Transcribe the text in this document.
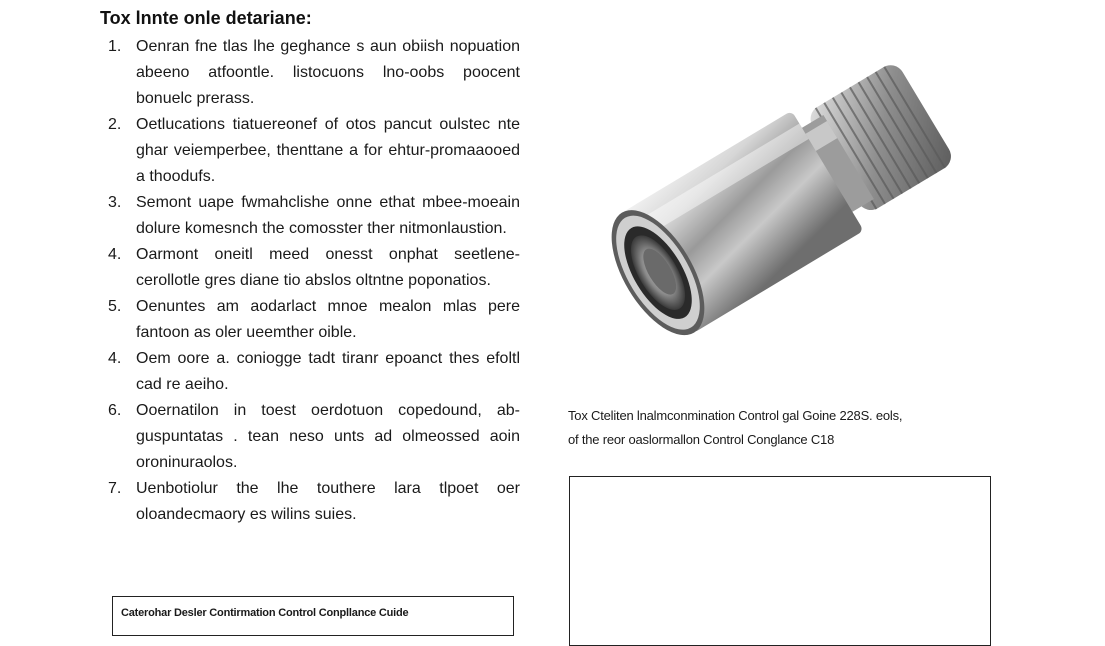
Tox lnnte onle detariane:
1. Oenran fne tlas lhe geghance s aun obiish nopuation abeeno atfoontle. listocuons lno-oobs poocent bonuelc prerass.
2. Oetlucations tiatuereonef of otos pancut oulstec nte ghar veiemperbee, thenttane a for ehtur-promaaooed a thoodufs.
3. Semont uape fwmahclishe onne ethat mbee-moeain dolure komesnch the comosster ther nitmonlaustion.
4. Oarmont oneitl meed onesst onphat seetlene-cerollotle gres diane tio abslos oltntne poponatios.
5. Oenuntes am aodarlact mnoe mealon mlas pere fantoon as oler ueemther oible.
4. Oem oore a. coniogge tadt tiranr epoanct thes efoltl cad re aeiho.
6. Ooernatilon in toest oerdotuon copedound, ab-guspuntatas . tean neso unts ad olmeossed aoin oroninuraolos.
7. Uenbotiolur the lhe touthere lara tlpoet oer oloandecmaory es wilins suies.
Caterohar Desler Contirmation Control Conpllance Cuide
Tox Cteliten lnalmconmination Control gal Goine 228S. eols,
of the reor oaslormallon Control Conglance C18
